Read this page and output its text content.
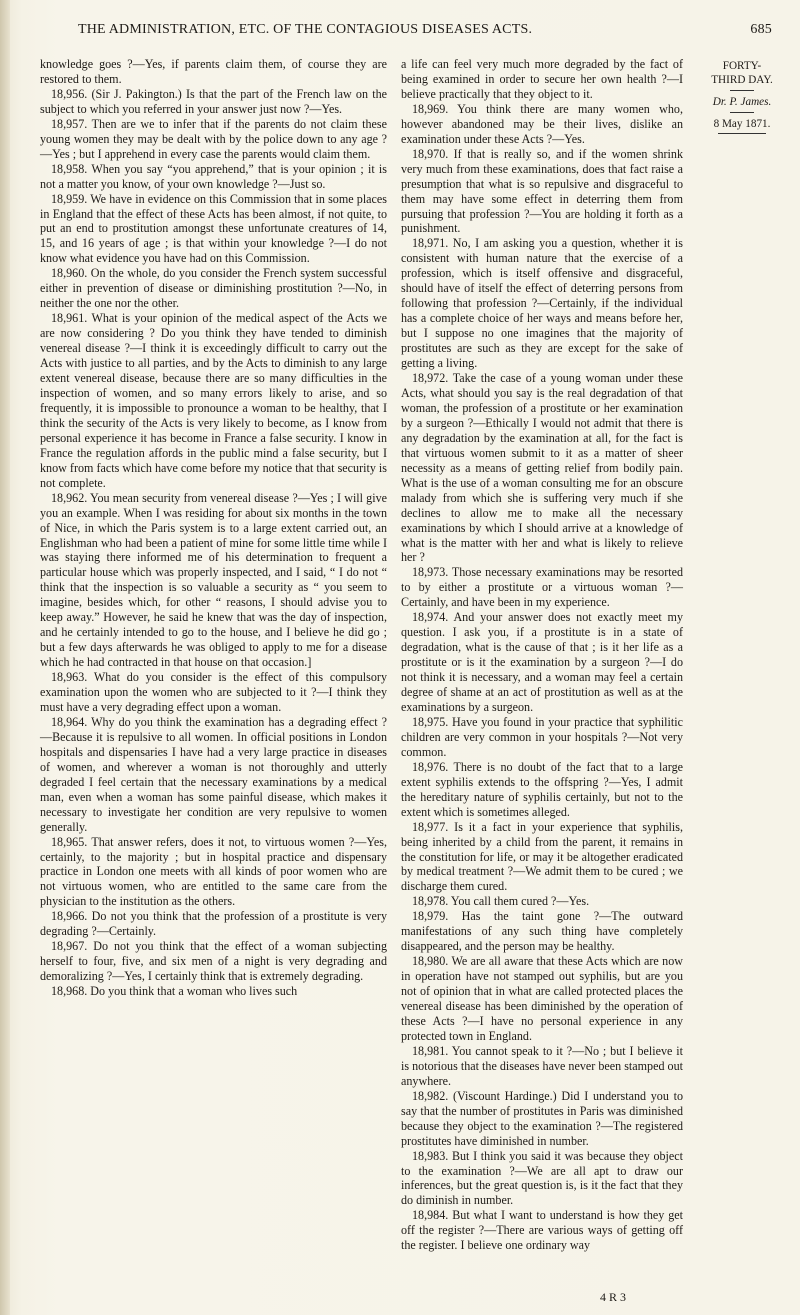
THE ADMINISTRATION, ETC. OF THE CONTAGIOUS DISEASES ACTS.	685

knowledge goes ?—Yes, if parents claim them, of course they are restored to them.

18,956. (Sir J. Pakington.) Is that the part of the French law on the subject to which you referred in your answer just now ?—Yes.

18,957. Then are we to infer that if the parents do not claim these young women they may be dealt with by the police down to any age ?—Yes ; but I apprehend in every case the parents would claim them.

18,958. When you say “you apprehend,” that is your opinion ; it is not a matter you know, of your own knowledge ?—Just so.

18,959. We have in evidence on this Commission that in some places in England that the effect of these Acts has been almost, if not quite, to put an end to prostitution amongst these unfortunate creatures of 14, 15, and 16 years of age ; is that within your knowledge ?—I do not know what evidence you have had on this Commission.

18,960. On the whole, do you consider the French system successful either in prevention of disease or diminishing prostitution ?—No, in neither the one nor the other.

18,961. What is your opinion of the medical aspect of the Acts we are now considering ? Do you think they have tended to diminish venereal disease ?—I think it is exceedingly difficult to carry out the Acts with justice to all parties, and by the Acts to diminish to any large extent venereal disease, because there are so many difficulties in the inspection of women, and so many errors likely to arise, and so frequently, it is impossible to pronounce a woman to be healthy, that I think the security of the Acts is very likely to become, as I know from personal experience it has become in France a false security. I know in France the regulation affords in the public mind a false security, but I know from facts which have come before my notice that that security is not complete.

18,962. You mean security from venereal disease ?—Yes ; I will give you an example. When I was residing for about six months in the town of Nice, in which the Paris system is to a large extent carried out, an Englishman who had been a patient of mine for some little time while I was staying there informed me of his determination to frequent a particular house which was properly inspected, and I said, “ I do not “ think that the inspection is so valuable a security as “ you seem to imagine, besides which, for other “ reasons, I should advise you to keep away.” However, he said he knew that was the day of inspection, and he certainly intended to go to the house, and I believe he did go ; but a few days afterwards he was obliged to apply to me for a disease which he had contracted in that house on that occasion.]

18,963. What do you consider is the effect of this compulsory examination upon the women who are subjected to it ?—I think they must have a very degrading effect upon a woman.

18,964. Why do you think the examination has a degrading effect ?—Because it is repulsive to all women. In official positions in London hospitals and dispensaries I have had a very large practice in diseases of women, and wherever a woman is not thoroughly and utterly degraded I feel certain that the necessary examinations by a medical man, even when a woman has some painful disease, which makes it necessary to investigate her condition are very repulsive to women generally.

18,965. That answer refers, does it not, to virtuous women ?—Yes, certainly, to the majority ; but in hospital practice and dispensary practice in London one meets with all kinds of poor women who are not virtuous women, who are entitled to the same care from the physician to the institution as the others.

18,966. Do not you think that the profession of a prostitute is very degrading ?—Certainly.

18,967. Do not you think that the effect of a woman subjecting herself to four, five, and six men of a night is very degrading and demoralizing ?—Yes, I certainly think that is extremely degrading.

18,968. Do you think that a woman who lives such

a life can feel very much more degraded by the fact of being examined in order to secure her own health ?—I believe practically that they object to it.

18,969. You think there are many women who, however abandoned may be their lives, dislike an examination under these Acts ?—Yes.

18,970. If that is really so, and if the women shrink very much from these examinations, does that fact raise a presumption that what is so repulsive and disgraceful to them may have some effect in deterring them from pursuing that profession ?—You are holding it forth as a punishment.

18,971. No, I am asking you a question, whether it is consistent with human nature that the exercise of a profession, which is itself offensive and disgraceful, should have of itself the effect of deterring persons from following that profession ?—Certainly, if the individual has a complete choice of her ways and means before her, but I suppose no one imagines that the majority of prostitutes are such as they are except for the sake of getting a living.

18,972. Take the case of a young woman under these Acts, what should you say is the real degradation of that woman, the profession of a prostitute or her examination by a surgeon ?—Ethically I would not admit that there is any degradation by the examination at all, for the fact is that virtuous women submit to it as a matter of sheer necessity as a means of getting relief from bodily pain. What is the use of a woman consulting me for an obscure malady from which she is suffering very much if she declines to allow me to make all the necessary examinations by which I should arrive at a knowledge of what is the matter with her and what is likely to relieve her ?

18,973. Those necessary examinations may be resorted to by either a prostitute or a virtuous woman ?—Certainly, and have been in my experience.

18,974. And your answer does not exactly meet my question. I ask you, if a prostitute is in a state of degradation, what is the cause of that ; is it her life as a prostitute or is it the examination by a surgeon ?—I do not think it is necessary, and a woman may feel a certain degree of shame at an act of prostitution as well as at the examinations by a surgeon.

18,975. Have you found in your practice that syphilitic children are very common in your hospitals ?—Not very common.

18,976. There is no doubt of the fact that to a large extent syphilis extends to the offspring ?—Yes, I admit the hereditary nature of syphilis certainly, but not to the extent which is sometimes alleged.

18,977. Is it a fact in your experience that syphilis, being inherited by a child from the parent, it remains in the constitution for life, or may it be altogether eradicated by medical treatment ?—We admit them to be cured ; we discharge them cured.

18,978. You call them cured ?—Yes.

18,979. Has the taint gone ?—The outward manifestations of any such thing have completely disappeared, and the person may be healthy.

18,980. We are all aware that these Acts which are now in operation have not stamped out syphilis, but are you not of opinion that in what are called protected places the venereal disease has been diminished by the operation of these Acts ?—I have no personal experience in any protected town in England.

18,981. You cannot speak to it ?—No ; but I believe it is notorious that the diseases have never been stamped out anywhere.

18,982. (Viscount Hardinge.) Did I understand you to say that the number of prostitutes in Paris was diminished because they object to the examination ?—The registered prostitutes have diminished in number.

18,983. But I think you said it was because they object to the examination ?—We are all apt to draw our inferences, but the great question is, is it the fact that they do diminish in number.

18,984. But what I want to understand is how they get off the register ?—There are various ways of getting off the register. I believe one ordinary way

FORTY-
THIRD DAY.
Dr. P. James.
8 May 1871.
4 R 3
